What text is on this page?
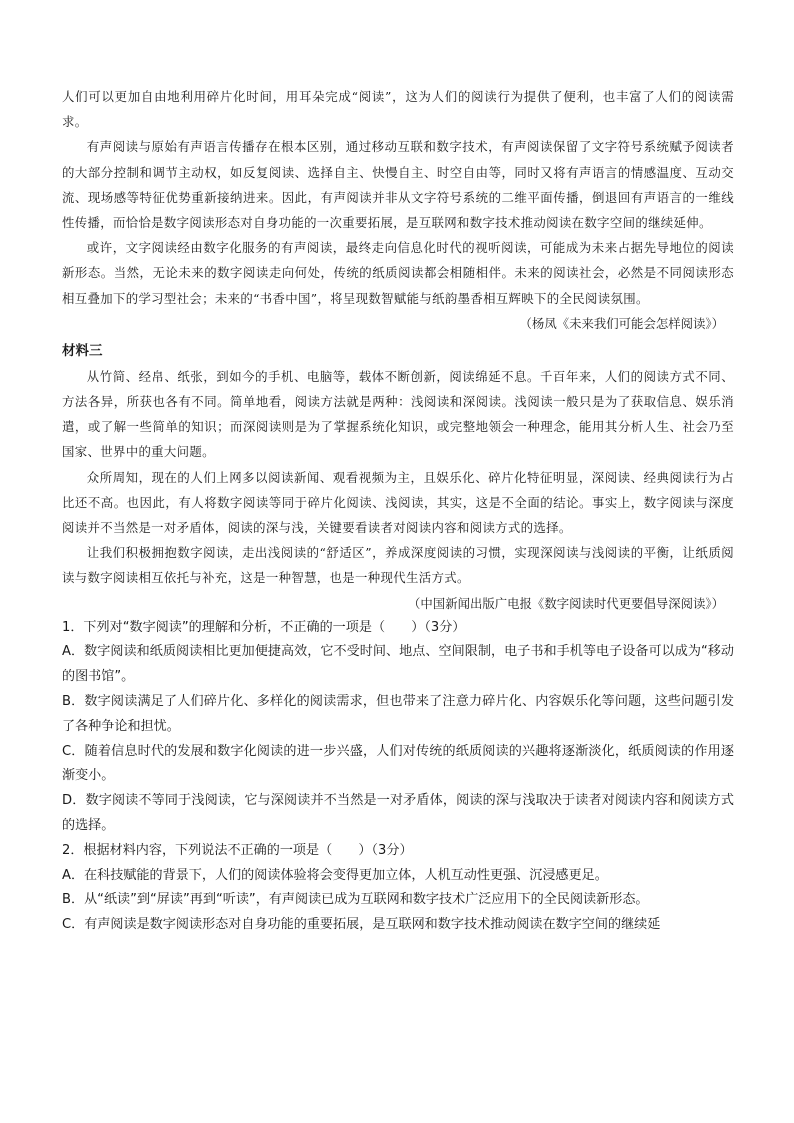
人们可以更加自由地利用碎片化时间，用耳朵完成“阅读”，这为人们的阅读行为提供了便利，也丰富了人们的阅读需求。

有声阅读与原始有声语言传播存在根本区别，通过移动互联和数字技术，有声阅读保留了文字符号系统赋予阅读者的大部分控制和调节主动权，如反复阅读、选择自主、快慢自主、时空自由等，同时又将有声语言的情感温度、互动交流、现场感等特征优势重新接纳进来。因此，有声阅读并非从文字符号系统的二维平面传播，倒退回有声语言的一维线性传播，而恰恰是数字阅读形态对自身功能的一次重要拓展，是互联网和数字技术推动阅读在数字空间的继续延伸。

或许，文字阅读经由数字化服务的有声阅读，最终走向信息化时代的视听阅读，可能成为未来占据先导地位的阅读新形态。当然，无论未来的数字阅读走向何处，传统的纸质阅读都会相随相伴。未来的阅读社会，必然是不同阅读形态相互叠加下的学习型社会；未来的“书香中国”，将呈现数智赋能与纸韵墨香相互辉映下的全民阅读氛围。

（杨凤《未来我们可能会怎样阅读》）

材料三

从竹简、经帛、纸张，到如今的手机、电脑等，载体不断创新，阅读绵延不息。千百年来，人们的阅读方式不同、方法各异，所获也各有不同。简单地看，阅读方法就是两种：浅阅读和深阅读。浅阅读一般只是为了获取信息、娱乐消遣，或了解一些简单的知识；而深阅读则是为了掌握系统化知识，或完整地领会一种理念，能用其分析人生、社会乃至国家、世界中的重大问题。

众所周知，现在的人们上网多以阅读新闻、观看视频为主，且娱乐化、碎片化特征明显，深阅读、经典阅读行为占比还不高。也因此，有人将数字阅读等同于碎片化阅读、浅阅读，其实，这是不全面的结论。事实上，数字阅读与深度阅读并不当然是一对矛盾体，阅读的深与浅，关键要看读者对阅读内容和阅读方式的选择。

让我们积极拥抱数字阅读，走出浅阅读的“舒适区”，养成深度阅读的习惯，实现深阅读与浅阅读的平衡，让纸质阅读与数字阅读相互依托与补充，这是一种智慧，也是一种现代生活方式。

（中国新闻出版广电报《数字阅读时代更要倡导深阅读》）

1．下列对“数字阅读”的理解和分析，不正确的一项是（　　）（3分）

A．数字阅读和纸质阅读相比更加便捷高效，它不受时间、地点、空间限制，电子书和手机等电子设备可以成为“移动的图书馆”。

B．数字阅读满足了人们碎片化、多样化的阅读需求，但也带来了注意力碎片化、内容娱乐化等问题，这些问题引发了各种争论和担忧。

C．随着信息时代的发展和数字化阅读的进一步兴盛，人们对传统的纸质阅读的兴趣将逐渐淡化，纸质阅读的作用逐渐变小。

D．数字阅读不等同于浅阅读，它与深阅读并不当然是一对矛盾体，阅读的深与浅取决于读者对阅读内容和阅读方式的选择。

2．根据材料内容，下列说法不正确的一项是（　　）（3分）

A．在科技赋能的背景下，人们的阅读体验将会变得更加立体，人机互动性更强、沉浸感更足。

B．从“纸读”到“屏读”再到“听读”，有声阅读已成为互联网和数字技术广泛应用下的全民阅读新形态。

C．有声阅读是数字阅读形态对自身功能的重要拓展，是互联网和数字技术推动阅读在数字空间的继续延
